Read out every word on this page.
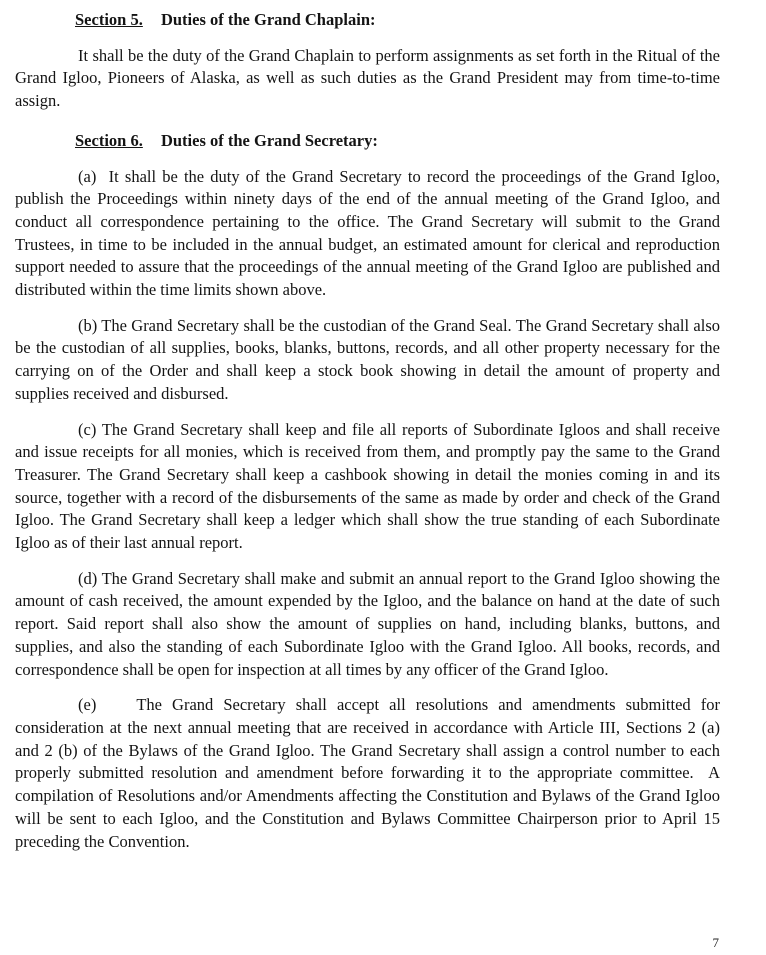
Section 5. Duties of the Grand Chaplain:

It shall be the duty of the Grand Chaplain to perform assignments as set forth in the Ritual of the Grand Igloo, Pioneers of Alaska, as well as such duties as the Grand President may from time-to-time assign.

Section 6. Duties of the Grand Secretary:

(a)  It shall be the duty of the Grand Secretary to record the proceedings of the Grand Igloo, publish the Proceedings within ninety days of the end of the annual meeting of the Grand Igloo, and conduct all correspondence pertaining to the office. The Grand Secretary will submit to the Grand Trustees, in time to be included in the annual budget, an estimated amount for clerical and reproduction support needed to assure that the proceedings of the annual meeting of the Grand Igloo are published and distributed within the time limits shown above.

(b) The Grand Secretary shall be the custodian of the Grand Seal. The Grand Secretary shall also be the custodian of all supplies, books, blanks, buttons, records, and all other property necessary for the carrying on of the Order and shall keep a stock book showing in detail the amount of property and supplies received and disbursed.

(c) The Grand Secretary shall keep and file all reports of Subordinate Igloos and shall receive and issue receipts for all monies, which is received from them, and promptly pay the same to the Grand Treasurer. The Grand Secretary shall keep a cashbook showing in detail the monies coming in and its source, together with a record of the disbursements of the same as made by order and check of the Grand Igloo. The Grand Secretary shall keep a ledger which shall show the true standing of each Subordinate Igloo as of their last annual report.

(d) The Grand Secretary shall make and submit an annual report to the Grand Igloo showing the amount of cash received, the amount expended by the Igloo, and the balance on hand at the date of such report. Said report shall also show the amount of supplies on hand, including blanks, buttons, and supplies, and also the standing of each Subordinate Igloo with the Grand Igloo. All books, records, and correspondence shall be open for inspection at all times by any officer of the Grand Igloo.

(e)    The Grand Secretary shall accept all resolutions and amendments submitted for consideration at the next annual meeting that are received in accordance with Article III, Sections 2 (a) and 2 (b) of the Bylaws of the Grand Igloo. The Grand Secretary shall assign a control number to each properly submitted resolution and amendment before forwarding it to the appropriate committee.  A compilation of Resolutions and/or Amendments affecting the Constitution and Bylaws of the Grand Igloo will be sent to each Igloo, and the Constitution and Bylaws Committee Chairperson prior to April 15 preceding the Convention.

7
